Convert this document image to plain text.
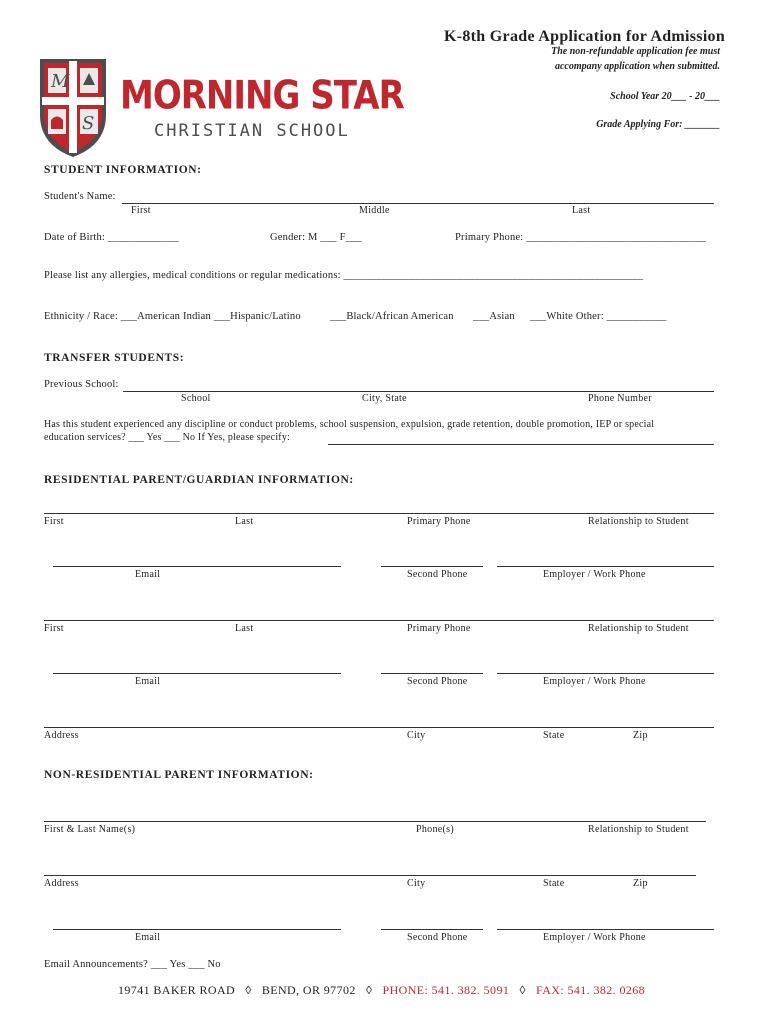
K-8th Grade Application for Admission
The non-refundable application fee must
accompany application when submitted.
School Year 20___ - 20___
Grade Applying For: _______
M
S
MORNING STAR
CHRISTIAN SCHOOL
STUDENT INFORMATION:
Student's Name:
First	Middle	Last
Date of Birth: _____________	Gender: M ___ F___	Primary Phone: _________________________________
Please list any allergies, medical conditions or regular medications: _______________________________________________________
Ethnicity / Race: ___American Indian ___Hispanic/Latino	___Black/African American ___Asian ___White Other: ___________
TRANSFER STUDENTS:
Previous School:
School	City, State	Phone Number
Has this student experienced any discipline or conduct problems, school suspension, expulsion, grade retention, double promotion, IEP or special
education services? ___ Yes ___ No If Yes, please specify:
RESIDENTIAL PARENT/GUARDIAN INFORMATION:
First	Last	Primary Phone	Relationship to Student
Email	Second Phone	Employer / Work Phone
First	Last	Primary Phone	Relationship to Student
Email	Second Phone	Employer / Work Phone
Address	City	State	Zip
NON-RESIDENTIAL PARENT INFORMATION:
First & Last Name(s)	Phone(s)	Relationship to Student
Address	City	State	Zip
Email	Second Phone	Employer / Work Phone
Email Announcements? ___ Yes ___ No
19741 BAKER ROAD ◊ BEND, OR 97702 ◊ PHONE: 541. 382. 5091 ◊ FAX: 541. 382. 0268
